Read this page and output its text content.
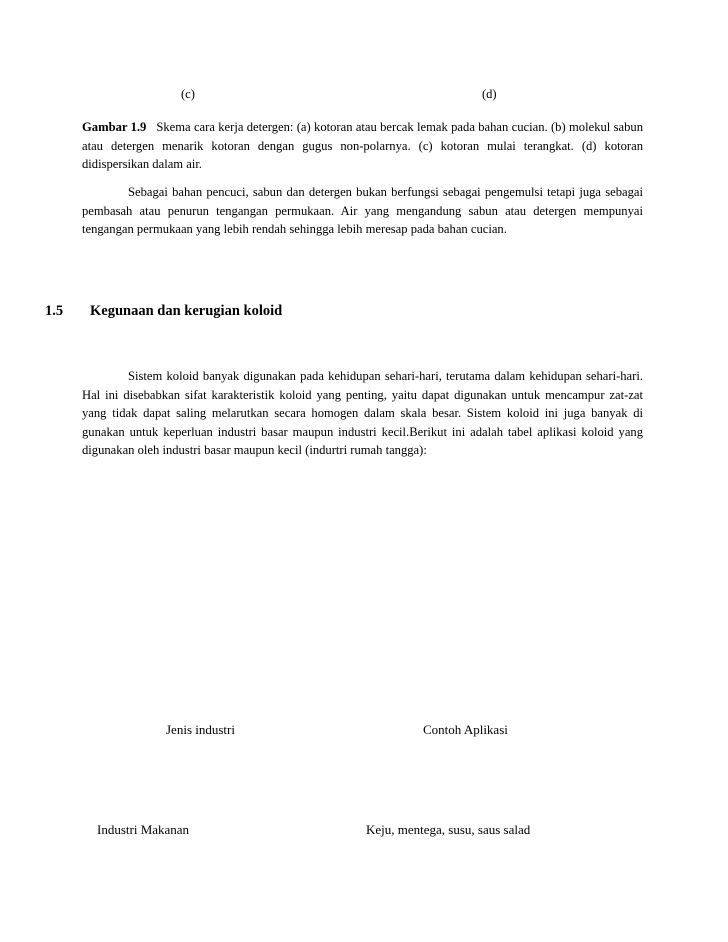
(c)	(d)

Gambar 1.9 Skema cara kerja detergen: (a) kotoran atau bercak lemak pada bahan cucian. (b) molekul sabun atau detergen menarik kotoran dengan gugus non-polarnya. (c) kotoran mulai terangkat. (d) kotoran didispersikan dalam air.

Sebagai bahan pencuci, sabun dan detergen bukan berfungsi sebagai pengemulsi tetapi juga sebagai pembasah atau penurun tengangan permukaan. Air yang mengandung sabun atau detergen mempunyai tengangan permukaan yang lebih rendah sehingga lebih meresap pada bahan cucian.

1.5 Kegunaan dan kerugian koloid

Sistem koloid banyak digunakan pada kehidupan sehari-hari, terutama dalam kehidupan sehari-hari. Hal ini disebabkan sifat karakteristik koloid yang penting, yaitu dapat digunakan untuk mencampur zat-zat yang tidak dapat saling melarutkan secara homogen dalam skala besar. Sistem koloid ini juga banyak di gunakan untuk keperluan industri basar maupun industri kecil.Berikut ini adalah tabel aplikasi koloid yang digunakan oleh industri basar maupun kecil (indurtri rumah tangga):

Jenis industri	Contoh Aplikasi
Industri Makanan	Keju, mentega, susu, saus salad
